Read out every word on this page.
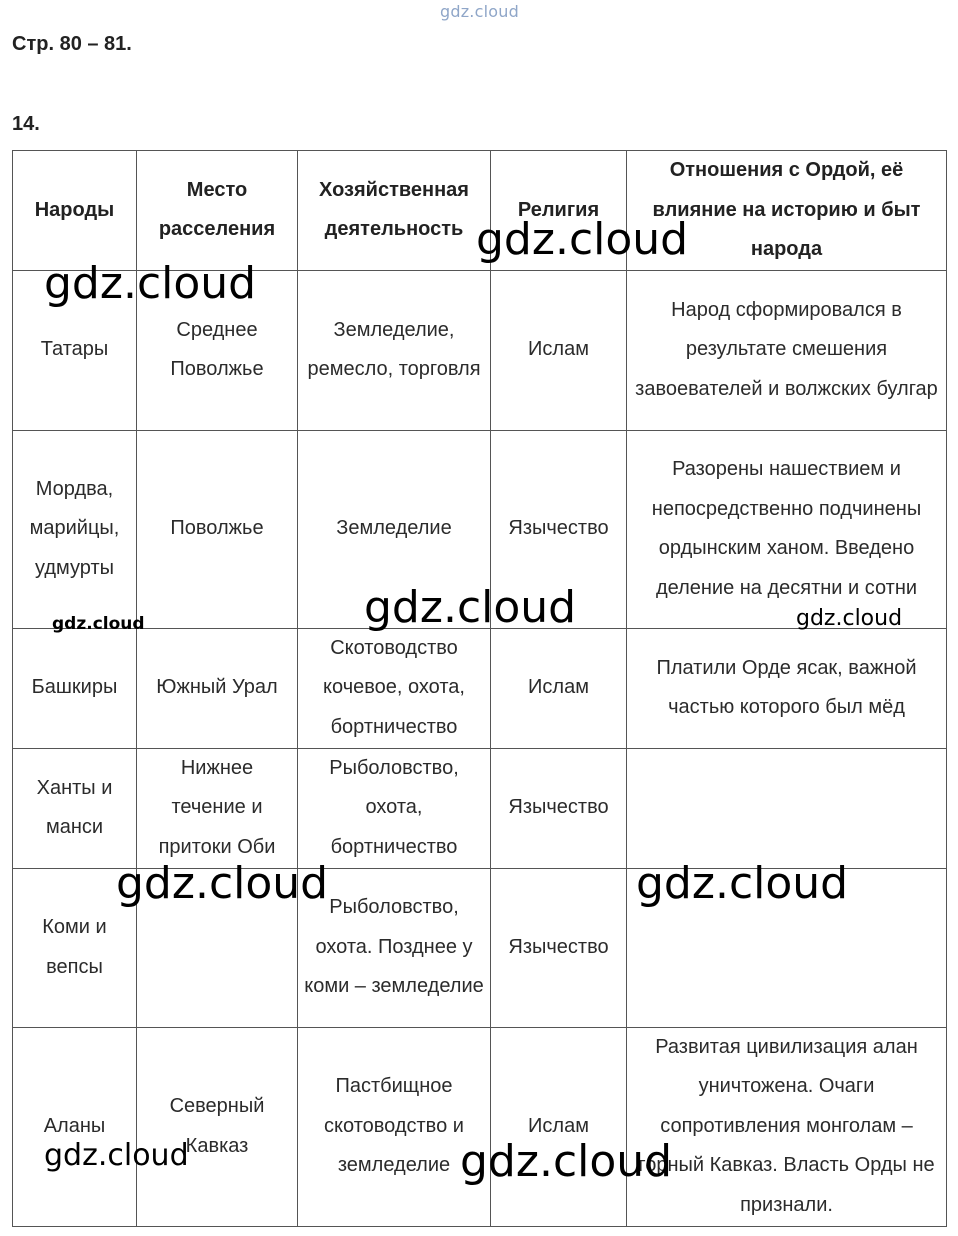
gdz.cloud
Стр. 80 – 81.
14.
Народы	Место расселения	Хозяйственная деятельность	Религия	Отношения с Ордой, её влияние на историю и быт народа
Татары	Среднее Поволжье	Земледелие, ремесло, торговля	Ислам	Народ сформировался в результате смешения завоевателей и волжских булгар
Мордва, марийцы, удмурты	Поволжье	Земледелие	Язычество	Разорены нашествием и непосредственно подчинены ордынским ханом. Введено деление на десятни и сотни
Башкиры	Южный Урал	Скотоводство кочевое, охота, бортничество	Ислам	Платили Орде ясак, важной частью которого был мёд
Ханты и манси	Нижнее течение и притоки Оби	Рыболовство, охота, бортничество	Язычество	
Коми и вепсы		Рыболовство, охота. Позднее у коми – земледелие	Язычество	
Аланы	Северный Кавказ	Пастбищное скотоводство и земледелие	Ислам	Развитая цивилизация алан уничтожена. Очаги сопротивления монголам – горный Кавказ. Власть Орды не признали.
gdz.cloud
gdz.cloud
gdz.cloud	gdz.cloud	gdz.cloud
gdz.cloud	gdz.cloud
gdz.cloud	gdz.cloud
